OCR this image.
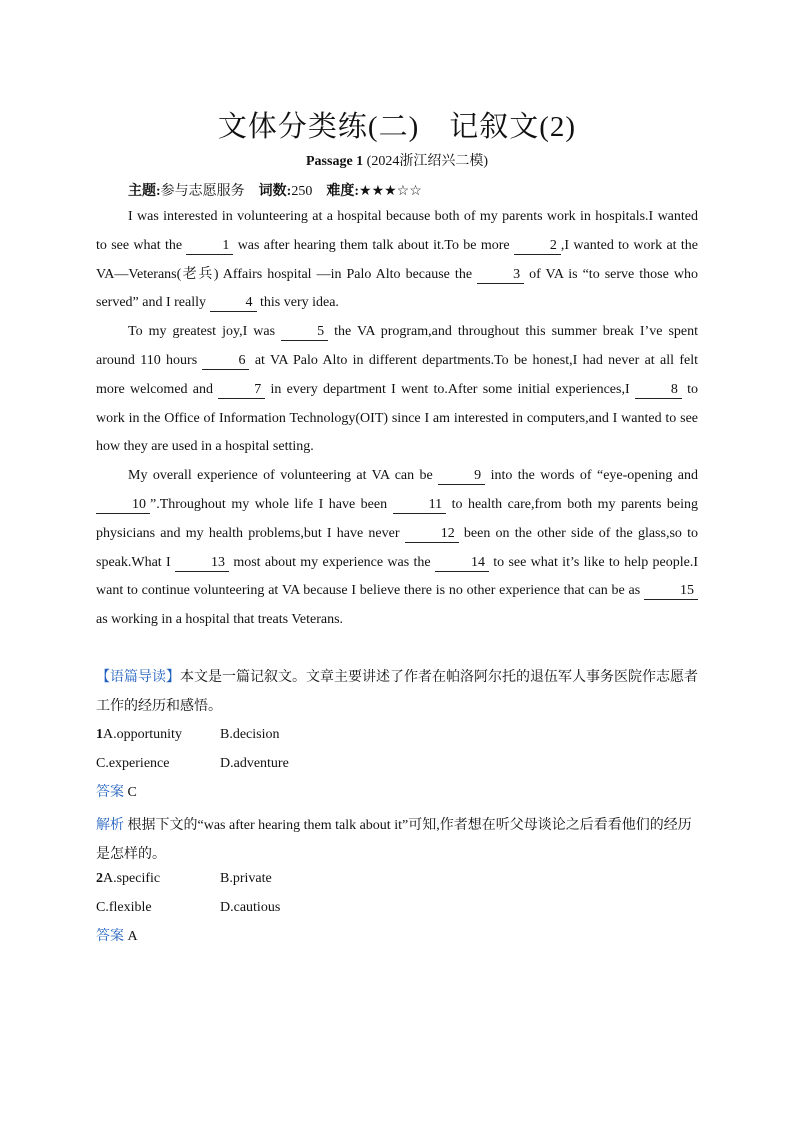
文体分类练(二)　记叙文(2)
Passage 1 (2024浙江绍兴二模)
主题:参与志愿服务 词数:250 难度:★★★☆☆

I was interested in volunteering at a hospital because both of my parents work in hospitals.I wanted to see what the	1 was after hearing them talk about it.To be more	2 ,I wanted to work at the VA—Veterans(老兵) Affairs hospital —in Palo Alto because the	3 of VA is “to serve those who served” and I really	4 this very idea.

To my greatest joy,I was	5 the VA program,and throughout this summer break I’ve spent around 110 hours	6 at VA Palo Alto in different departments.To be honest,I had never at all felt more welcomed and	7 in every department I went to.After some initial experiences,I	8 to work in the Office of Information Technology(OIT) since I am interested in computers,and I wanted to see how they are used in a hospital setting.

My overall experience of volunteering at VA can be	9 into the words of “eye-opening and 10 ”.Throughout my whole life I have been	11 to health care,from both my parents being physicians and my health problems,but I have never	12 been on the other side of the glass,so to speak.What I	13 most about my experience was the	14 to see what it’s like to help people.I want to continue volunteering at VA because I believe there is no other experience that can be as	15 as working in a hospital that treats Veterans.

【语篇导读】本文是一篇记叙文。文章主要讲述了作者在帕洛阿尔托的退伍军人事务医院作志愿者工作的经历和感悟。
1A.opportunity	B.decision
C.experience	D.adventure
答案 C
解析 根据下文的“was after hearing them talk about it”可知,作者想在听父母谈论之后看看他们的经历是怎样的。
2A.specific	B.private
C.flexible	D.cautious
答案 A
